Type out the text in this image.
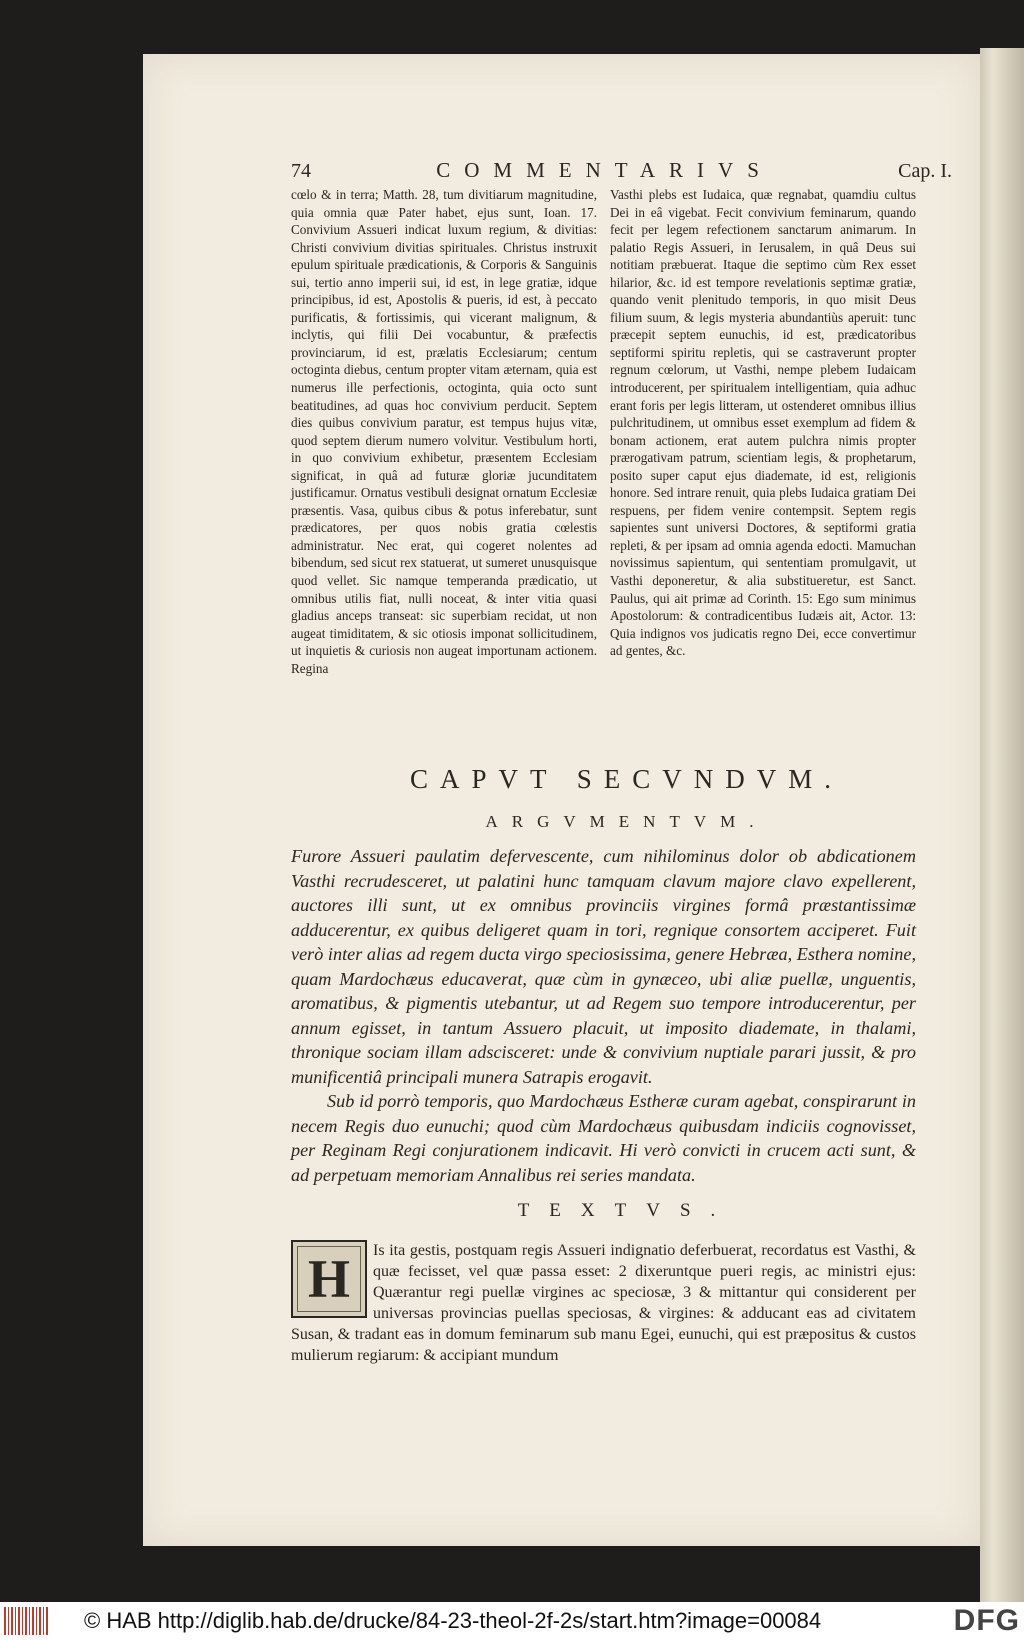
74	COMMENTARIVS	Cap. I.
cœlo & in terra; Matth. 28, tum divitiarum magnitudine, quia omnia quæ Pater habet, ejus sunt, Ioan. 17. Convivium Assueri indicat luxum regium, & divitias: Christi convivium divitias spirituales. Christus instruxit epulum spirituale prædicationis, & Corporis & Sanguinis sui, tertio anno imperii sui, id est, in lege gratiæ, idque principibus, id est, Apostolis & pueris, id est, à peccato purificatis, & fortissimis, qui vicerant malignum, & inclytis, qui filii Dei vocabuntur, & præfectis provinciarum, id est, prælatis Ecclesiarum; centum octoginta diebus, centum propter vitam æternam, quia est numerus ille perfectionis, octoginta, quia octo sunt beatitudines, ad quas hoc convivium perducit. Septem dies quibus convivium paratur, est tempus hujus vitæ, quod septem dierum numero volvitur. Vestibulum horti, in quo convivium exhibetur, præsentem Ecclesiam significat, in quâ ad futuræ gloriæ jucunditatem justificamur. Ornatus vestibuli designat ornatum Ecclesiæ præsentis. Vasa, quibus cibus & potus inferebatur, sunt prædicatores, per quos nobis gratia cœlestis administratur. Nec erat, qui cogeret nolentes ad bibendum, sed sicut rex statuerat, ut sumeret unusquisque quod vellet. Sic namque temperanda prædicatio, ut omnibus utilis fiat, nulli noceat, & inter vitia quasi gladius anceps transeat: sic superbiam recidat, ut non augeat timiditatem, & sic otiosis imponat sollicitudinem, ut inquietis & curiosis non augeat importunam actionem. Regina
Vasthi plebs est Iudaica, quæ regnabat, quamdiu cultus Dei in eâ vigebat. Fecit convivium feminarum, quando fecit per legem refectionem sanctarum animarum. In palatio Regis Assueri, in Ierusalem, in quâ Deus sui notitiam præbuerat. Itaque die septimo cùm Rex esset hilarior, &c. id est tempore revelationis septimæ gratiæ, quando venit plenitudo temporis, in quo misit Deus filium suum, & legis mysteria abundantiùs aperuit: tunc præcepit septem eunuchis, id est, prædicatoribus septiformi spiritu repletis, qui se castraverunt propter regnum cœlorum, ut Vasthi, nempe plebem Iudaicam introducerent, per spiritualem intelligentiam, quia adhuc erant foris per legis litteram, ut ostenderet omnibus illius pulchritudinem, ut omnibus esset exemplum ad fidem & bonam actionem, erat autem pulchra nimis propter prærogativam patrum, scientiam legis, & prophetarum, posito super caput ejus diademate, id est, religionis honore. Sed intrare renuit, quia plebs Iudaica gratiam Dei respuens, per fidem venire contempsit. Septem regis sapientes sunt universi Doctores, & septiformi gratia repleti, & per ipsam ad omnia agenda edocti. Mamuchan novissimus sapientum, qui sententiam promulgavit, ut Vasthi deponeretur, & alia substitueretur, est Sanct. Paulus, qui ait primæ ad Corinth. 15: Ego sum minimus Apostolorum: & contradicentibus Iudæis ait, Actor. 13: Quia indignos vos judicatis regno Dei, ecce convertimur ad gentes, &c.
CAPVT SECVNDVM.
ARGVMENTVM.

Furore Assueri paulatim defervescente, cum nihilominus dolor ob abdicationem Vasthi recrudesceret, ut palatini hunc tamquam clavum majore clavo expellerent, auctores illi sunt, ut ex omnibus provinciis virgines formâ præstantissimæ adducerentur, ex quibus deligeret quam in tori, regnique consortem acciperet. Fuit verò inter alias ad regem ducta virgo speciosissima, genere Hebræa, Esthera nomine, quam Mardochæus educaverat, quæ cùm in gynæceo, ubi aliæ puellæ, unguentis, aromatibus, & pigmentis utebantur, ut ad Regem suo tempore introducerentur, per annum egisset, in tantum Assuero placuit, ut imposito diademate, in thalami, thronique sociam illam adscisceret: unde & convivium nuptiale parari jussit, & pro munificentiâ principali munera Satrapis erogavit.

Sub id porrò temporis, quo Mardochæus Estheræ curam agebat, conspirarunt in necem Regis duo eunuchi; quod cùm Mardochæus quibusdam indiciis cognovisset, per Reginam Regi conjurationem indicavit. Hi verò convicti in crucem acti sunt, & ad perpetuam memoriam Annalibus rei series mandata.

TEXTVS.
H Is ita gestis, postquam regis Assueri indignatio deferbuerat, recordatus est Vasthi, & quæ fecisset, vel quæ passa esset: 2 dixeruntque pueri regis, ac ministri ejus: Quærantur regi puellæ virgines ac speciosæ, 3 & mittantur qui considerent per universas provincias puellas speciosas, & virgines: & adducant eas ad civitatem Susan, & tradant eas in domum feminarum sub manu Egei, eunuchi, qui est præpositus & custos mulierum regiarum: & accipiant mundum
© HAB http://diglib.hab.de/drucke/84-23-theol-2f-2s/start.htm?image=00084	DFG
